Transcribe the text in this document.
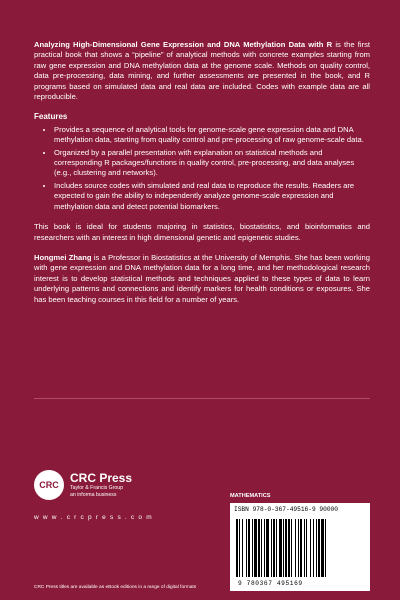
Analyzing High-Dimensional Gene Expression and DNA Methylation Data with R is the first practical book that shows a “pipeline” of analytical methods with concrete examples starting from raw gene expression and DNA methylation data at the genome scale. Methods on quality control, data pre-processing, data mining, and further assessments are presented in the book, and R programs based on simulated data and real data are included. Codes with example data are all reproducible.

Features
• Provides a sequence of analytical tools for genome-scale gene expression data and DNA methylation data, starting from quality control and pre-processing of raw genome-scale data.
• Organized by a parallel presentation with explanation on statistical methods and corresponding R packages/functions in quality control, pre-processing, and data analyses (e.g., clustering and networks).
• Includes source codes with simulated and real data to reproduce the results. Readers are expected to gain the ability to independently analyze genome-scale expression and methylation data and detect potential biomarkers.

This book is ideal for students majoring in statistics, biostatistics, and bioinformatics and researchers with an interest in high dimensional genetic and epigenetic studies.

Hongmei Zhang is a Professor in Biostatistics at the University of Memphis. She has been working with gene expression and DNA methylation data for a long time, and her methodological research interest is to develop statistical methods and techniques applied to these types of data to learn underlying patterns and connections and identify markers for health conditions or exposures. She has been teaching courses in this field for a number of years.

CRC CRC Press
Taylor & Francis Group
an informa business
w w w . c r c p r e s s . c o m
CRC Press titles are available as eBook editions in a range of digital formats
MATHEMATICS
ISBN 978-0-367-49516-9 90000
9 780367 495169
